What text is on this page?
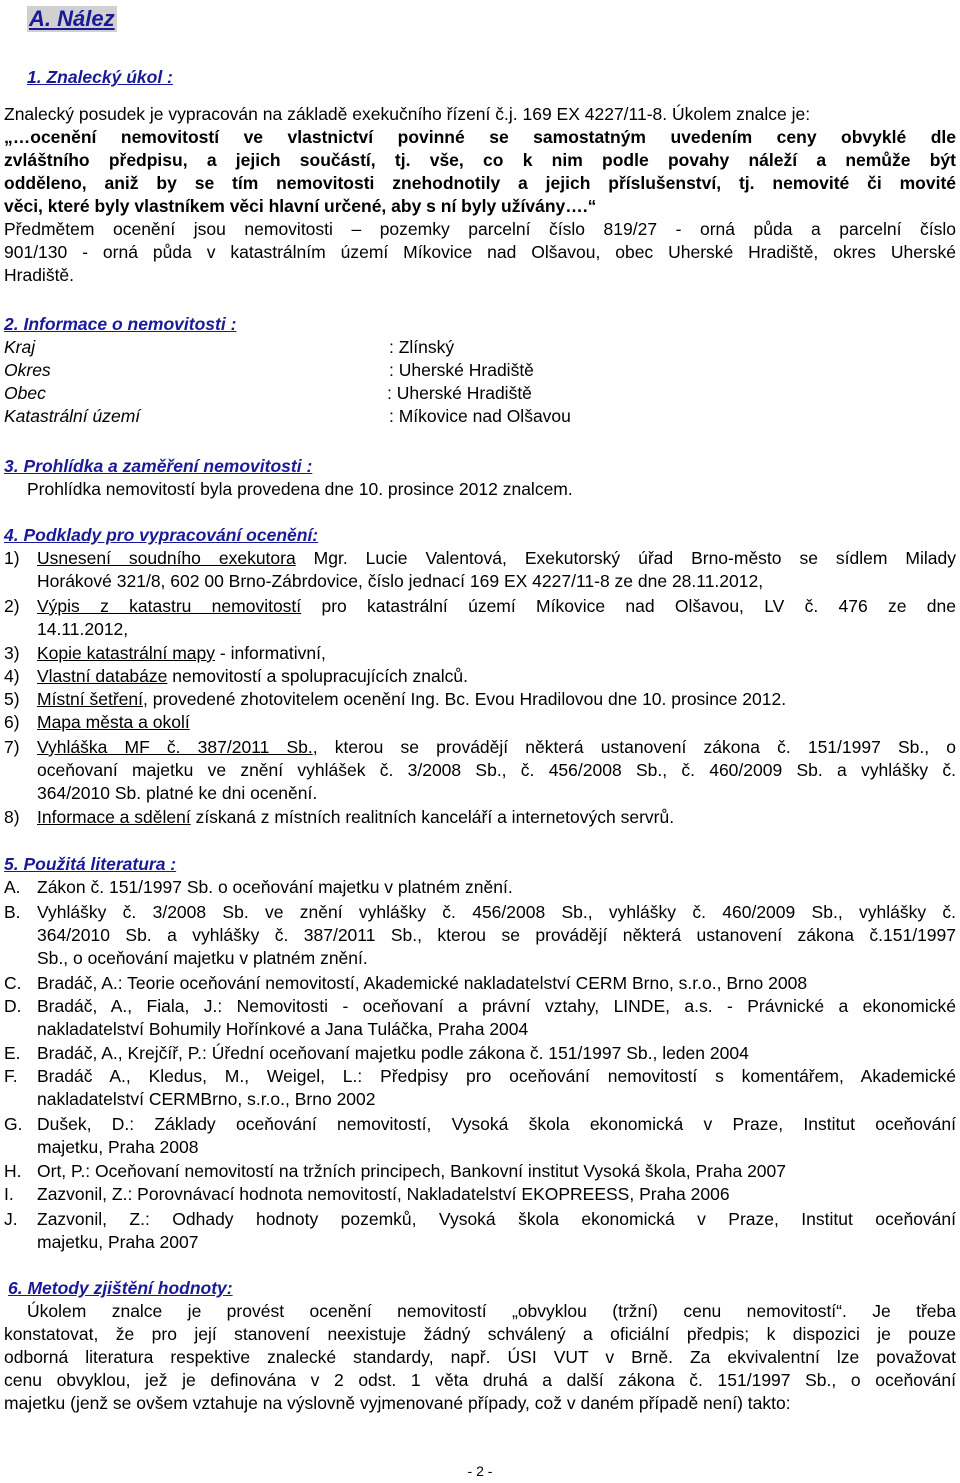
A. Nález
1. Znalecký úkol :
Znalecký posudek je vypracován na základě exekučního řízení č.j. 169 EX 4227/11-8. Úkolem znalce je:
„…ocenění nemovitostí ve vlastnictví povinné se samostatným uvedením ceny obvyklé dle
zvláštního předpisu, a jejich součástí, tj. vše, co k nim podle povahy náleží a nemůže být
odděleno, aniž by se tím nemovitosti znehodnotily a jejich příslušenství, tj. nemovité či movité
věci, které byly vlastníkem věci hlavní určené, aby s ní byly užívány….“
Předmětem ocenění jsou nemovitosti – pozemky parcelní číslo 819/27 - orná půda a parcelní číslo
901/130 - orná půda v katastrálním území Míkovice nad Olšavou, obec Uherské Hradiště, okres Uherské
Hradiště.
2. Informace o nemovitosti :
Kraj	: Zlínský
Okres	: Uherské Hradiště
Obec	: Uherské Hradiště
Katastrální území	: Míkovice nad Olšavou
3. Prohlídka a zaměření nemovitosti :
Prohlídka nemovitostí byla provedena dne 10. prosince 2012 znalcem.
4. Podklady pro vypracování ocenění:
1) Usnesení soudního exekutora Mgr. Lucie Valentová, Exekutorský úřad Brno-město se sídlem Milady
Horákové 321/8, 602 00 Brno-Zábrdovice, číslo jednací 169 EX 4227/11-8 ze dne 28.11.2012,
2) Výpis z katastru nemovitostí pro katastrální území Míkovice nad Olšavou, LV č. 476 ze dne
14.11.2012,
3) Kopie katastrální mapy - informativní,
4) Vlastní databáze nemovitostí a spolupracujících znalců.
5) Místní šetření, provedené zhotovitelem ocenění Ing. Bc. Evou Hradilovou dne 10. prosince 2012.
6) Mapa města a okolí
7) Vyhláška MF č. 387/2011 Sb., kterou se provádějí některá ustanovení zákona č. 151/1997 Sb., o
oceňovaní majetku ve znění vyhlášek č. 3/2008 Sb., č. 456/2008 Sb., č. 460/2009 Sb. a vyhlášky č.
364/2010 Sb. platné ke dni ocenění.
8) Informace a sdělení získaná z místních realitních kanceláří a internetových servrů.
5. Použitá literatura :
A. Zákon č. 151/1997 Sb. o oceňování majetku v platném znění.
B. Vyhlášky č. 3/2008 Sb. ve znění vyhlášky č. 456/2008 Sb., vyhlášky č. 460/2009 Sb., vyhlášky č.
364/2010 Sb. a vyhlášky č. 387/2011 Sb., kterou se provádějí některá ustanovení zákona č.151/1997
Sb., o oceňování majetku v platném znění.
C. Bradáč, A.: Teorie oceňování nemovitostí, Akademické nakladatelství CERM Brno, s.r.o., Brno 2008
D. Bradáč, A., Fiala, J.: Nemovitosti - oceňovaní a právní vztahy, LINDE, a.s. - Právnické a ekonomické
nakladatelství Bohumily Hořínkové a Jana Tuláčka, Praha 2004
E. Bradáč, A., Krejčíř, P.: Úřední oceňovaní majetku podle zákona č. 151/1997 Sb., leden 2004
F. Bradáč A., Kledus, M., Weigel, L.: Předpisy pro oceňování nemovitostí s komentářem, Akademické
nakladatelství CERMBrno, s.r.o., Brno 2002
G. Dušek, D.: Základy oceňování nemovitostí, Vysoká škola ekonomická v Praze, Institut oceňování
majetku, Praha 2008
H. Ort, P.: Oceňovaní nemovitostí na tržních principech, Bankovní institut Vysoká škola, Praha 2007
I. Zazvonil, Z.: Porovnávací hodnota nemovitostí, Nakladatelství EKOPREESS, Praha 2006
J. Zazvonil, Z.: Odhady hodnoty pozemků, Vysoká škola ekonomická v Praze, Institut oceňování
majetku, Praha 2007
6. Metody zjištění hodnoty:
Úkolem znalce je provést ocenění nemovitostí „obvyklou (tržní) cenu nemovitostí“. Je třeba
konstatovat, že pro její stanovení neexistuje žádný schválený a oficiální předpis; k dispozici je pouze
odborná literatura respektive znalecké standardy, např. ÚSI VUT v Brně. Za ekvivalentní lze považovat
cenu obvyklou, jež je definována v 2 odst. 1 věta druhá a další zákona č. 151/1997 Sb., o oceňování
majetku (jenž se ovšem vztahuje na výslovně vyjmenované případy, což v daném případě není) takto:
- 2 -
